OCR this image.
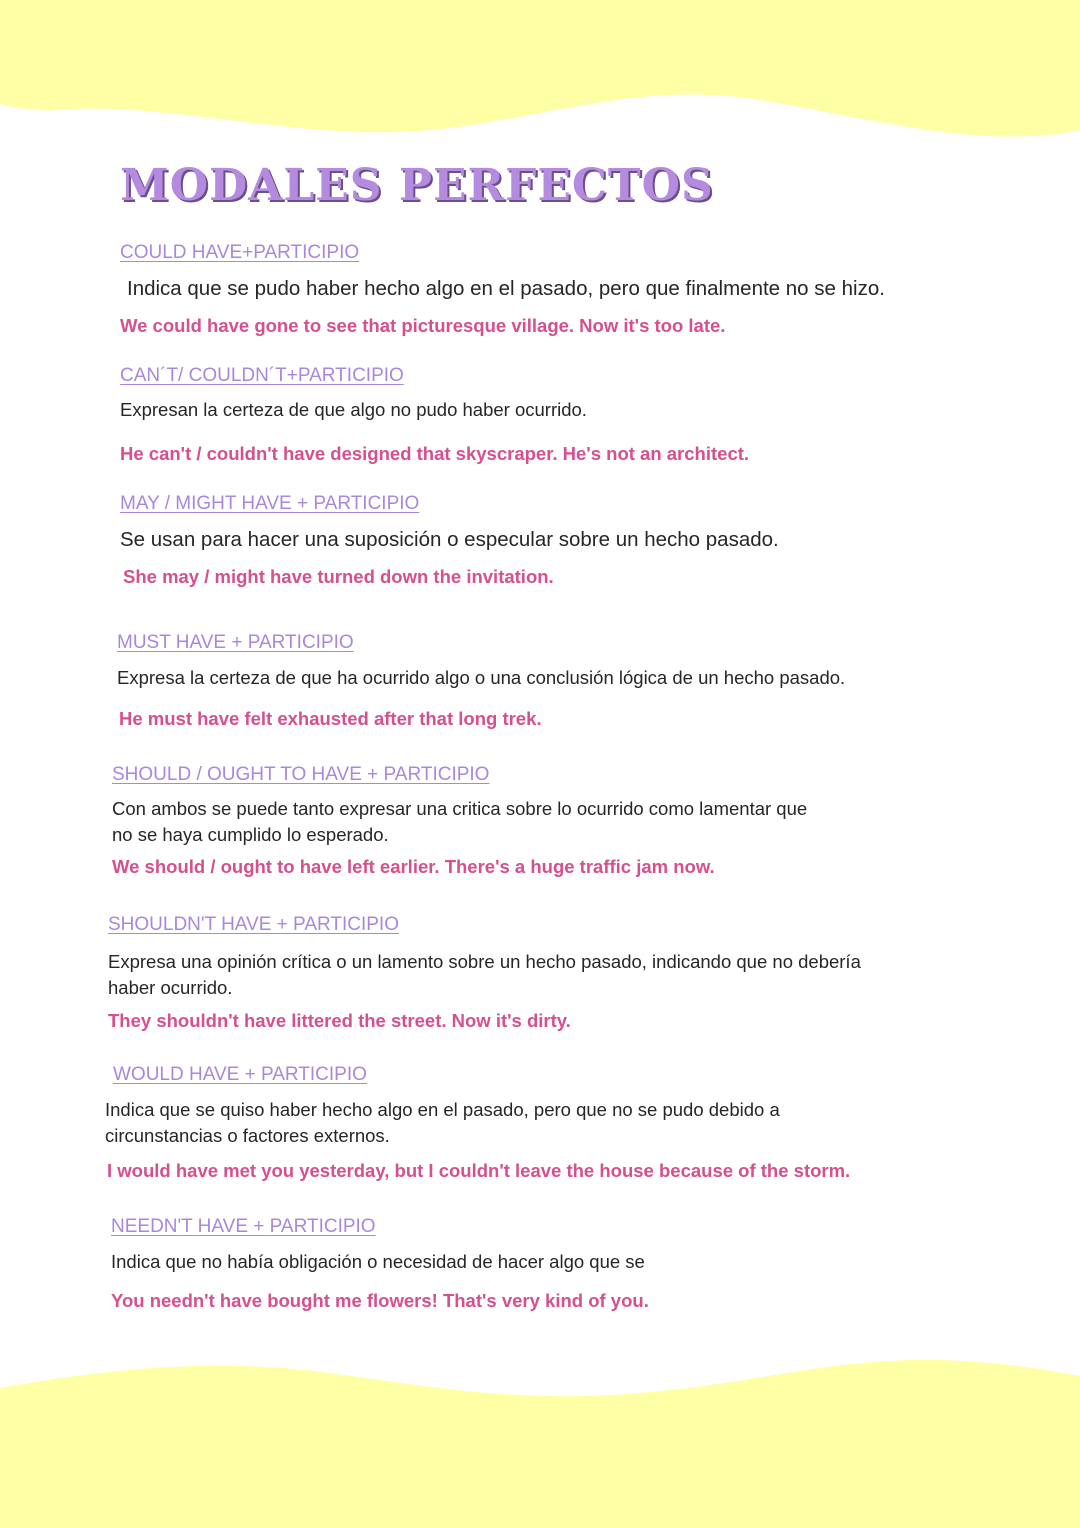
MODALES PERFECTOS
COULD HAVE+PARTICIPIO
Indica que se pudo haber hecho algo en el pasado, pero que finalmente no se hizo.
We could have gone to see that picturesque village. Now it's too late.
CAN´T/ COULDN´T+PARTICIPIO
Expresan la certeza de que algo no pudo haber ocurrido.
He can't / couldn't have designed that skyscraper. He's not an architect.
MAY / MIGHT HAVE + PARTICIPIO
Se usan para hacer una suposición o especular sobre un hecho pasado.
She may / might have turned down the invitation.
MUST HAVE + PARTICIPIO
Expresa la certeza de que ha ocurrido algo o una conclusión lógica de un hecho pasado.
He must have felt exhausted after that long trek.
SHOULD / OUGHT TO HAVE + PARTICIPIO
Con ambos se puede tanto expresar una critica sobre lo ocurrido como lamentar que
no se haya cumplido lo esperado.
We should / ought to have left earlier. There's a huge traffic jam now.
SHOULDN'T HAVE + PARTICIPIO
Expresa una opinión crítica o un lamento sobre un hecho pasado, indicando que no debería
haber ocurrido.
They shouldn't have littered the street. Now it's dirty.
WOULD HAVE + PARTICIPIO
Indica que se quiso haber hecho algo en el pasado, pero que no se pudo debido a
circunstancias o factores externos.
I would have met you yesterday, but I couldn't leave the house because of the storm.
NEEDN'T HAVE + PARTICIPIO
Indica que no había obligación o necesidad de hacer algo que se
You needn't have bought me flowers! That's very kind of you.
